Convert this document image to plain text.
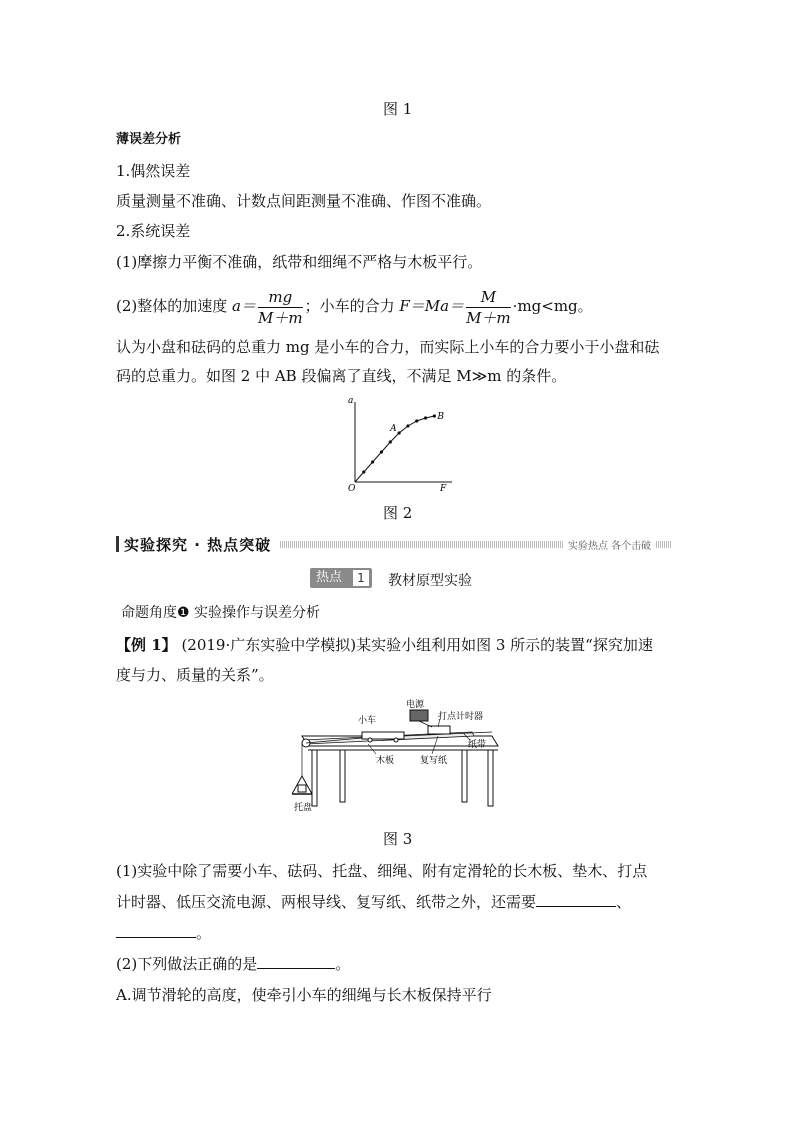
图 1
薄误差分析
1.偶然误差
质量测量不准确、计数点间距测量不准确、作图不准确。
2.系统误差
(1)摩擦力平衡不准确，纸带和细绳不严格与木板平行。
(2)整体的加速度 $a= \frac{mg}{M+m}$ ；小车的合力 $F=Ma= \frac{M}{M+m} \cdot mg<mg$。
认为小盘和砝码的总重力 mg 是小车的合力，而实际上小车的合力要小于小盘和砝
码的总重力。如图 2 中 AB 段偏离了直线，不满足 M≫m 的条件。
a
F
O
A
B
图 2
实验探究 · 热点突破	实验热点 各个击破
热点	1 教材原型实验
命题角度❶ 实验操作与误差分析
【例 1】 (2019·广东实验中学模拟)某实验小组利用如图 3 所示的装置“探究加速
度与力、质量的关系”。
电源
打点计时器
小车
纸带
木板	复写纸
托盘
图 3
(1)实验中除了需要小车、砝码、托盘、细绳、附有定滑轮的长木板、垫木、打点
计时器、低压交流电源、两根导线、复写纸、纸带之外，还需要	、
。
(2)下列做法正确的是	。
A.调节滑轮的高度，使牵引小车的细绳与长木板保持平行
